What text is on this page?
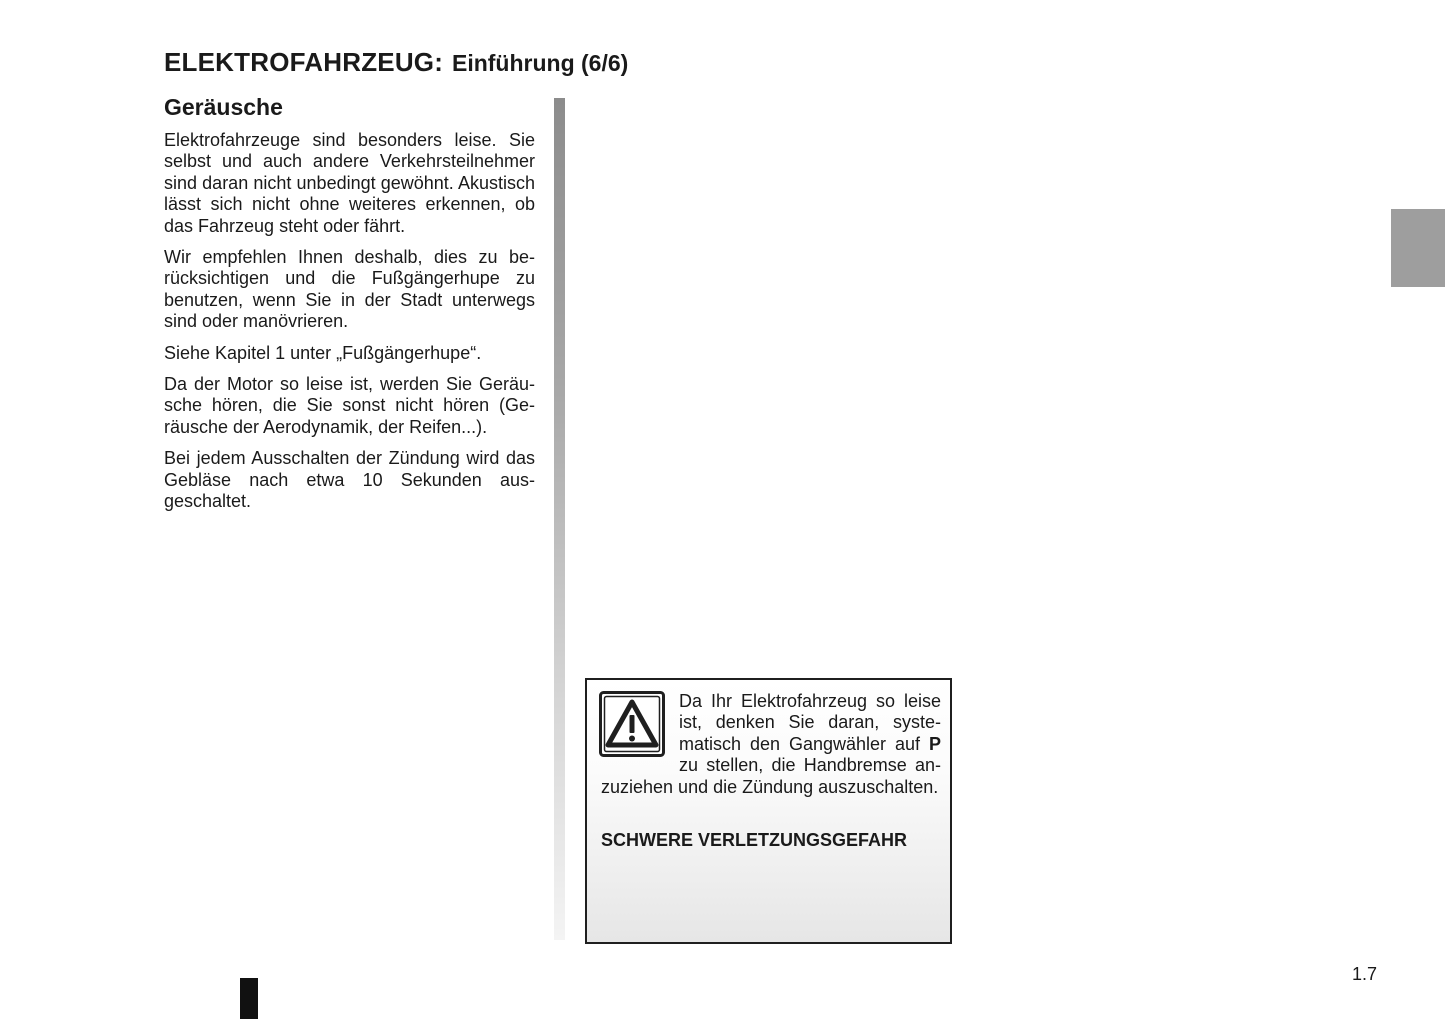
ELEKTROFAHRZEUG: Einführung (6/6)
Geräusche

Elektrofahrzeuge sind besonders leise. Sie selbst und auch andere Verkehrsteilnehmer sind daran nicht unbedingt gewöhnt. Akustisch lässt sich nicht ohne weiteres erkennen, ob das Fahrzeug steht oder fährt.

Wir empfehlen Ihnen deshalb, dies zu berücksichtigen und die Fußgängerhupe zu benutzen, wenn Sie in der Stadt unterwegs sind oder manövrieren.

Siehe Kapitel 1 unter „Fußgängerhupe“.

Da der Motor so leise ist, werden Sie Geräusche hören, die Sie sonst nicht hören (Geräusche der Aerodynamik, der Reifen...).

Bei jedem Ausschalten der Zündung wird das Gebläse nach etwa 10 Sekunden ausgeschaltet.

Da Ihr Elektrofahrzeug so leise ist, denken Sie daran, systematisch den Gangwähler auf P zu stellen, die Handbremse anzuziehen und die Zündung auszuschalten.

SCHWERE VERLETZUNGSGEFAHR

1.7
